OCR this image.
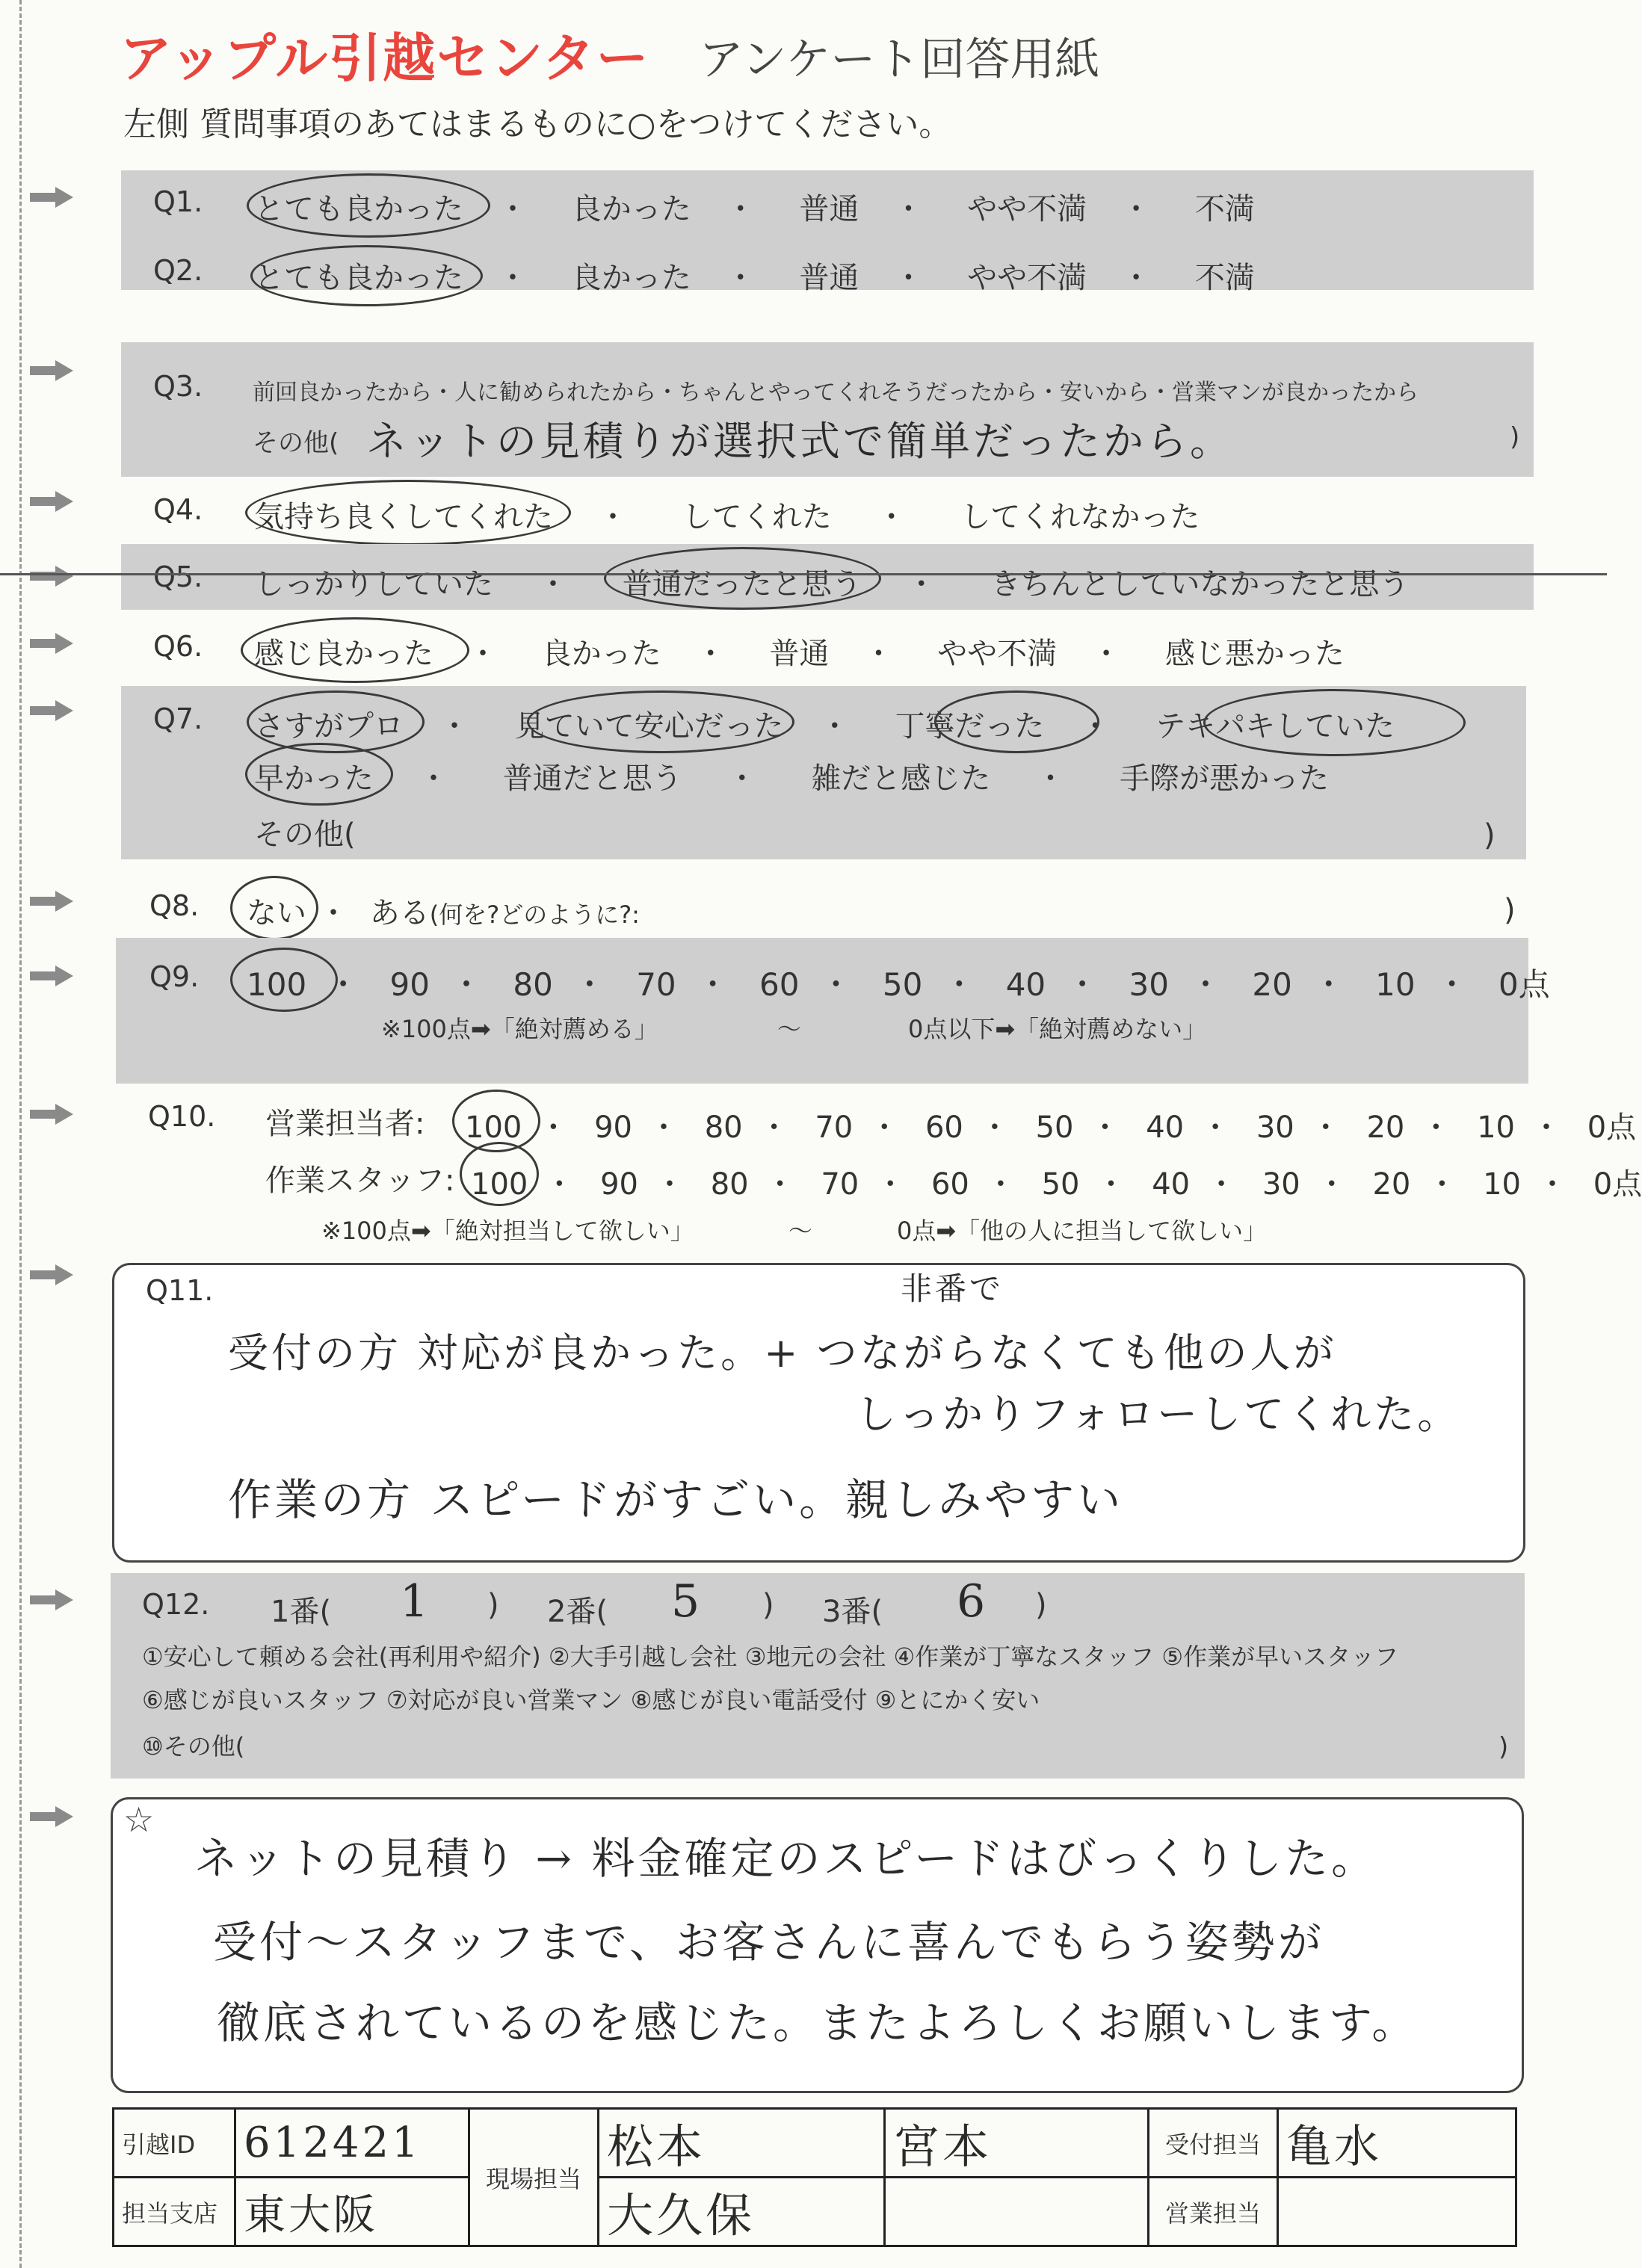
アップル引越センター アンケート回答用紙
左側 質問事項のあてはまるものに○をつけてください。
Q1. とても良かった ・ 良かった ・ 普通 ・ やや不満 ・ 不満
Q2. とても良かった ・ 良かった ・ 普通 ・ やや不満 ・ 不満
Q3. 前回良かったから・人に勧められたから・ちゃんとやってくれそうだったから・安いから・営業マンが良かったから
その他( ネットの見積りが選択式で簡単だったから。	)
Q4. 気持ち良くしてくれた ・ してくれた ・ してくれなかった
Q5. しっかりしていた ・ 普通だったと思う ・ きちんとしていなかったと思う
Q6. 感じ良かった ・ 良かった ・ 普通 ・ やや不満 ・ 感じ悪かった
Q7. さすがプロ ・ 見ていて安心だった ・ 丁寧だった ・ テキパキしていた
早かった ・ 普通だと思う ・ 雑だと感じた ・ 手際が悪かった
その他(	)
Q8. ない ・ ある(何を?どのように?:	)
Q9. 100 ・ 90 ・ 80 ・ 70 ・ 60 ・ 50 ・ 40 ・ 30 ・ 20 ・ 10 ・ 0点
※100点➡「絶対薦める」	〜	0点以下➡「絶対薦めない」
Q10. 営業担当者: 100 ・ 90 ・ 80 ・ 70 ・ 60 ・ 50 ・ 40 ・ 30 ・ 20 ・ 10 ・ 0点
作業スタッフ: 100 ・ 90 ・ 80 ・ 70 ・ 60 ・ 50 ・ 40 ・ 30 ・ 20 ・ 10 ・ 0点
※100点➡「絶対担当して欲しい」	〜	0点➡「他の人に担当して欲しい」
Q11.	非番で
受付の方 対応が良かった。+ つながらなくても他の人が
しっかりフォローしてくれた。
作業の方 スピードがすごい。親しみやすい
Q12. 1番( 1 ) 2番( 5 ) 3番( 6 )
①安心して頼める会社(再利用や紹介) ②大手引越し会社 ③地元の会社 ④作業が丁寧なスタッフ ⑤作業が早いスタッフ
⑥感じが良いスタッフ ⑦対応が良い営業マン ⑧感じが良い電話受付 ⑨とにかく安い
⑩その他(	)
☆
ネットの見積り → 料金確定のスピードはびっくりした。
受付～スタッフまで、お客さんに喜んでもらう姿勢が
徹底されているのを感じた。またよろしくお願いします。
引越ID	612421	現場担当	松本	宮本	受付担当	亀水
担当支店	東大阪		大久保		営業担当	
